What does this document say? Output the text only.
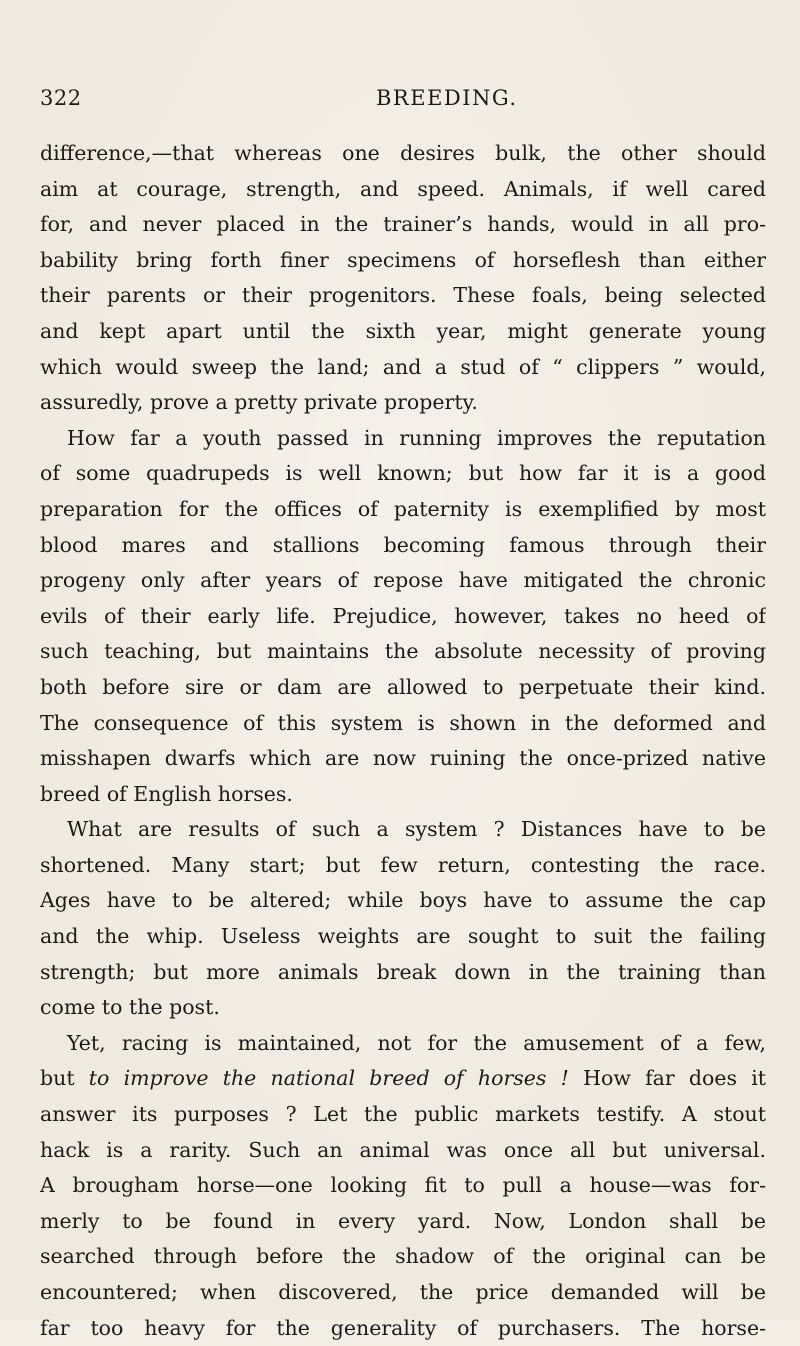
322	BREEDING.
difference,—that whereas one desires bulk, the other should
aim at courage, strength, and speed. Animals, if well cared
for, and never placed in the trainer’s hands, would in all pro-
bability bring forth finer specimens of horseflesh than either
their parents or their progenitors. These foals, being selected
and kept apart until the sixth year, might generate young
which would sweep the land; and a stud of “ clippers ” would,
assuredly, prove a pretty private property.
How far a youth passed in running improves the reputation
of some quadrupeds is well known; but how far it is a good
preparation for the offices of paternity is exemplified by most
blood mares and stallions becoming famous through their
progeny only after years of repose have mitigated the chronic
evils of their early life. Prejudice, however, takes no heed of
such teaching, but maintains the absolute necessity of proving
both before sire or dam are allowed to perpetuate their kind.
The consequence of this system is shown in the deformed and
misshapen dwarfs which are now ruining the once-prized native
breed of English horses.
What are results of such a system ? Distances have to be
shortened. Many start; but few return, contesting the race.
Ages have to be altered; while boys have to assume the cap
and the whip. Useless weights are sought to suit the failing
strength; but more animals break down in the training than
come to the post.
Yet, racing is maintained, not for the amusement of a few,
but to improve the national breed of horses ! How far does it
answer its purposes ? Let the public markets testify. A stout
hack is a rarity. Such an animal was once all but universal.
A brougham horse—one looking fit to pull a house—was for-
merly to be found in every yard. Now, London shall be
searched through before the shadow of the original can be
encountered; when discovered, the price demanded will be
far too heavy for the generality of purchasers. The horse-
